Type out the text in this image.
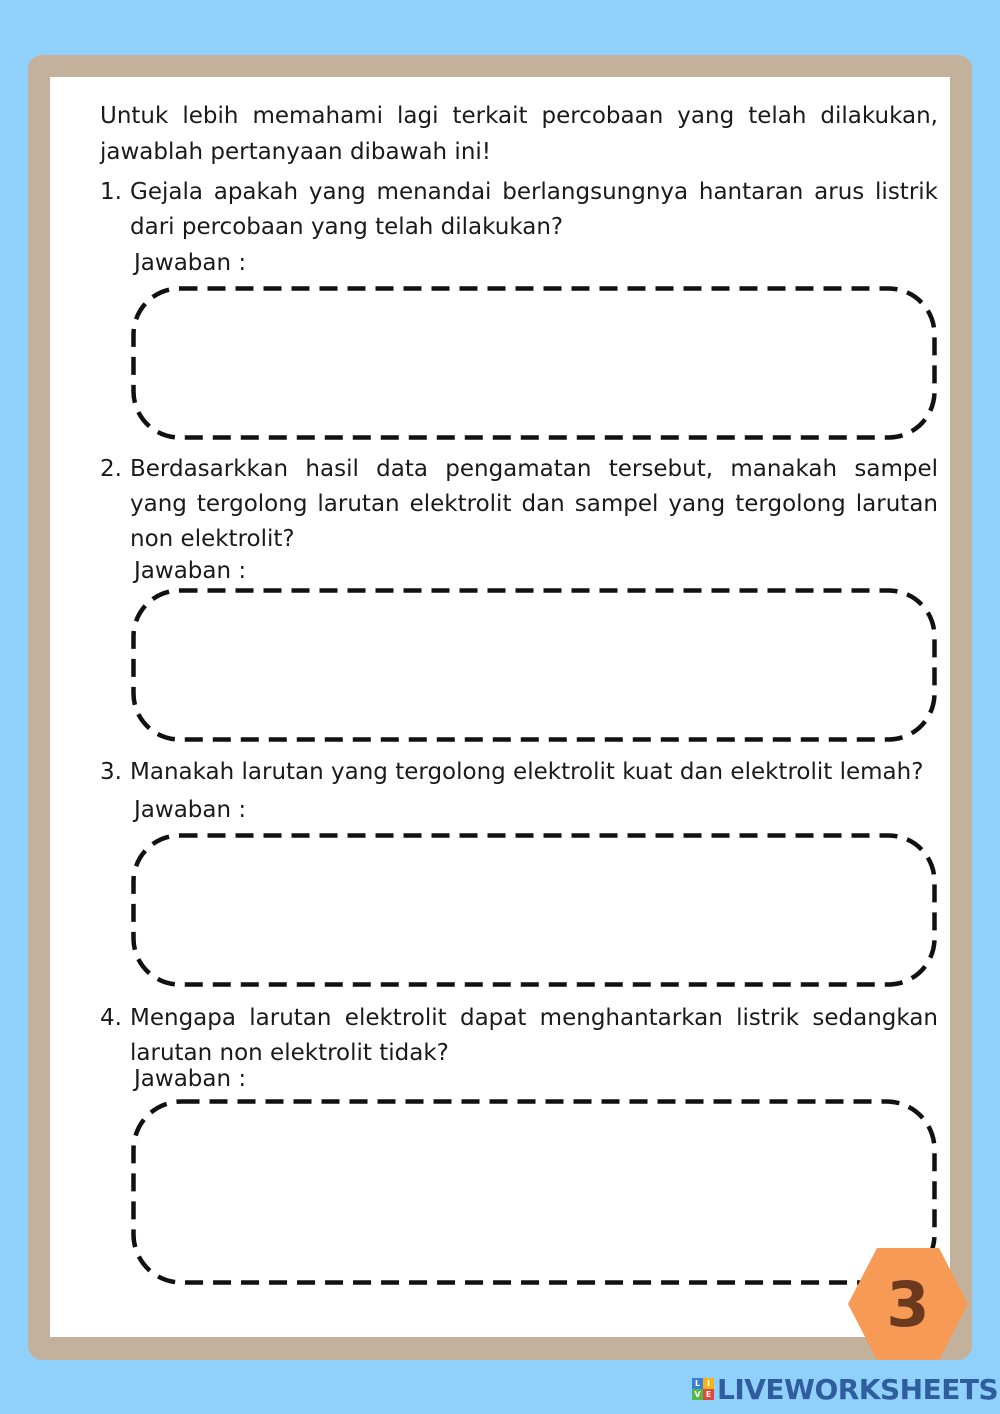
Untuk lebih memahami lagi terkait percobaan yang telah dilakukan, jawablah pertanyaan dibawah ini!

1. Gejala apakah yang menandai berlangsungnya hantaran arus listrik dari percobaan yang telah dilakukan?

Jawaban :

2. Berdasarkkan hasil data pengamatan tersebut, manakah sampel yang tergolong larutan elektrolit dan sampel yang tergolong larutan non elektrolit?

Jawaban :

3. Manakah larutan yang tergolong elektrolit kuat dan elektrolit lemah?

Jawaban :

4. Mengapa larutan elektrolit dapat menghantarkan listrik sedangkan larutan non elektrolit tidak?

Jawaban :

3
L I
V E LIVEWORKSHEETS
